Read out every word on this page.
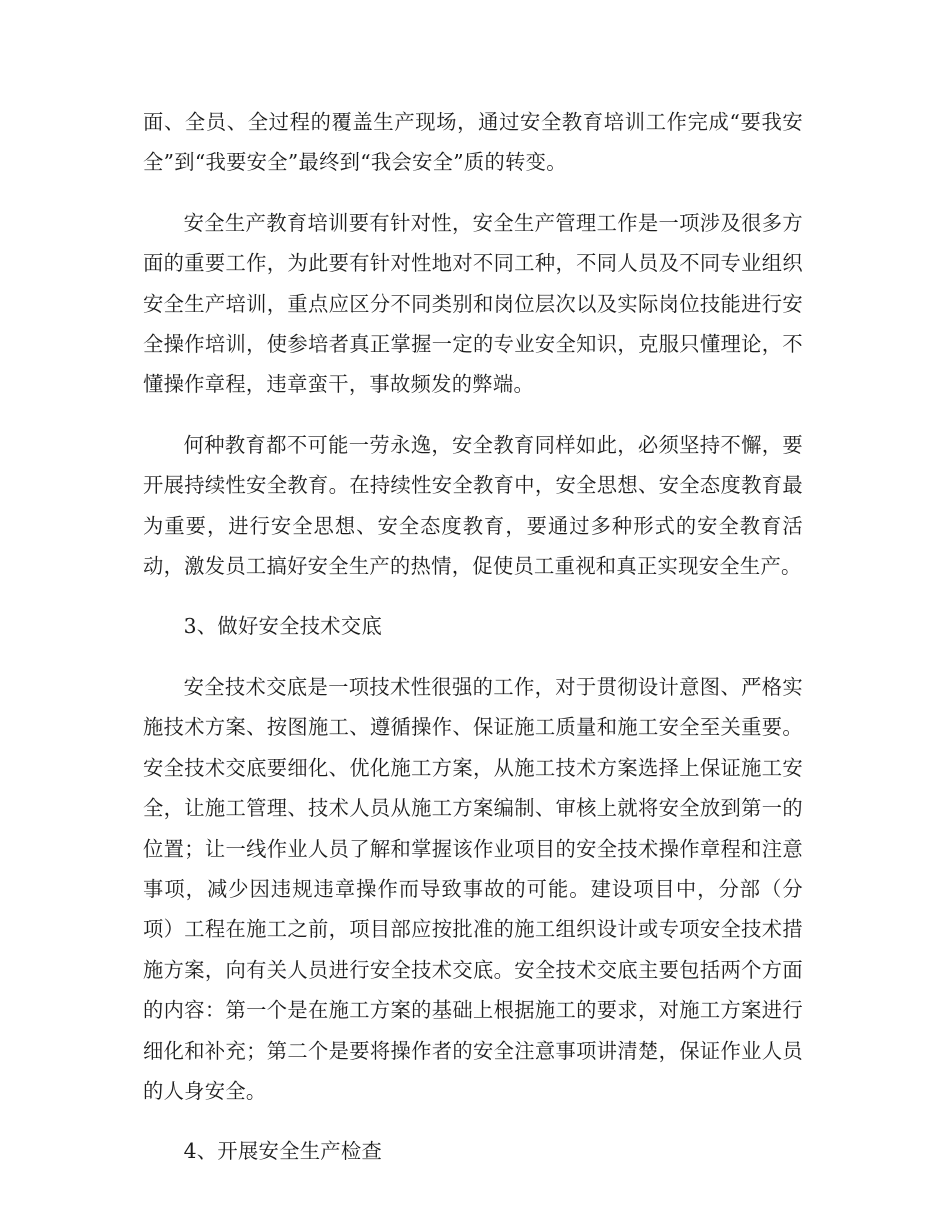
面、全员、全过程的覆盖生产现场，通过安全教育培训工作完成“要我安全”到“我要安全”最终到“我会安全”质的转变。

安全生产教育培训要有针对性，安全生产管理工作是一项涉及很多方面的重要工作，为此要有针对性地对不同工种，不同人员及不同专业组织安全生产培训，重点应区分不同类别和岗位层次以及实际岗位技能进行安全操作培训，使参培者真正掌握一定的专业安全知识，克服只懂理论，不懂操作章程，违章蛮干，事故频发的弊端。

何种教育都不可能一劳永逸，安全教育同样如此，必须坚持不懈，要开展持续性安全教育。在持续性安全教育中，安全思想、安全态度教育最为重要，进行安全思想、安全态度教育，要通过多种形式的安全教育活动，激发员工搞好安全生产的热情，促使员工重视和真正实现安全生产。

3、做好安全技术交底

安全技术交底是一项技术性很强的工作，对于贯彻设计意图、严格实施技术方案、按图施工、遵循操作、保证施工质量和施工安全至关重要。安全技术交底要细化、优化施工方案，从施工技术方案选择上保证施工安全，让施工管理、技术人员从施工方案编制、审核上就将安全放到第一的位置；让一线作业人员了解和掌握该作业项目的安全技术操作章程和注意事项，减少因违规违章操作而导致事故的可能。建设项目中，分部（分项）工程在施工之前，项目部应按批准的施工组织设计或专项安全技术措施方案，向有关人员进行安全技术交底。安全技术交底主要包括两个方面的内容：第一个是在施工方案的基础上根据施工的要求，对施工方案进行细化和补充；第二个是要将操作者的安全注意事项讲清楚，保证作业人员的人身安全。

4、开展安全生产检查
